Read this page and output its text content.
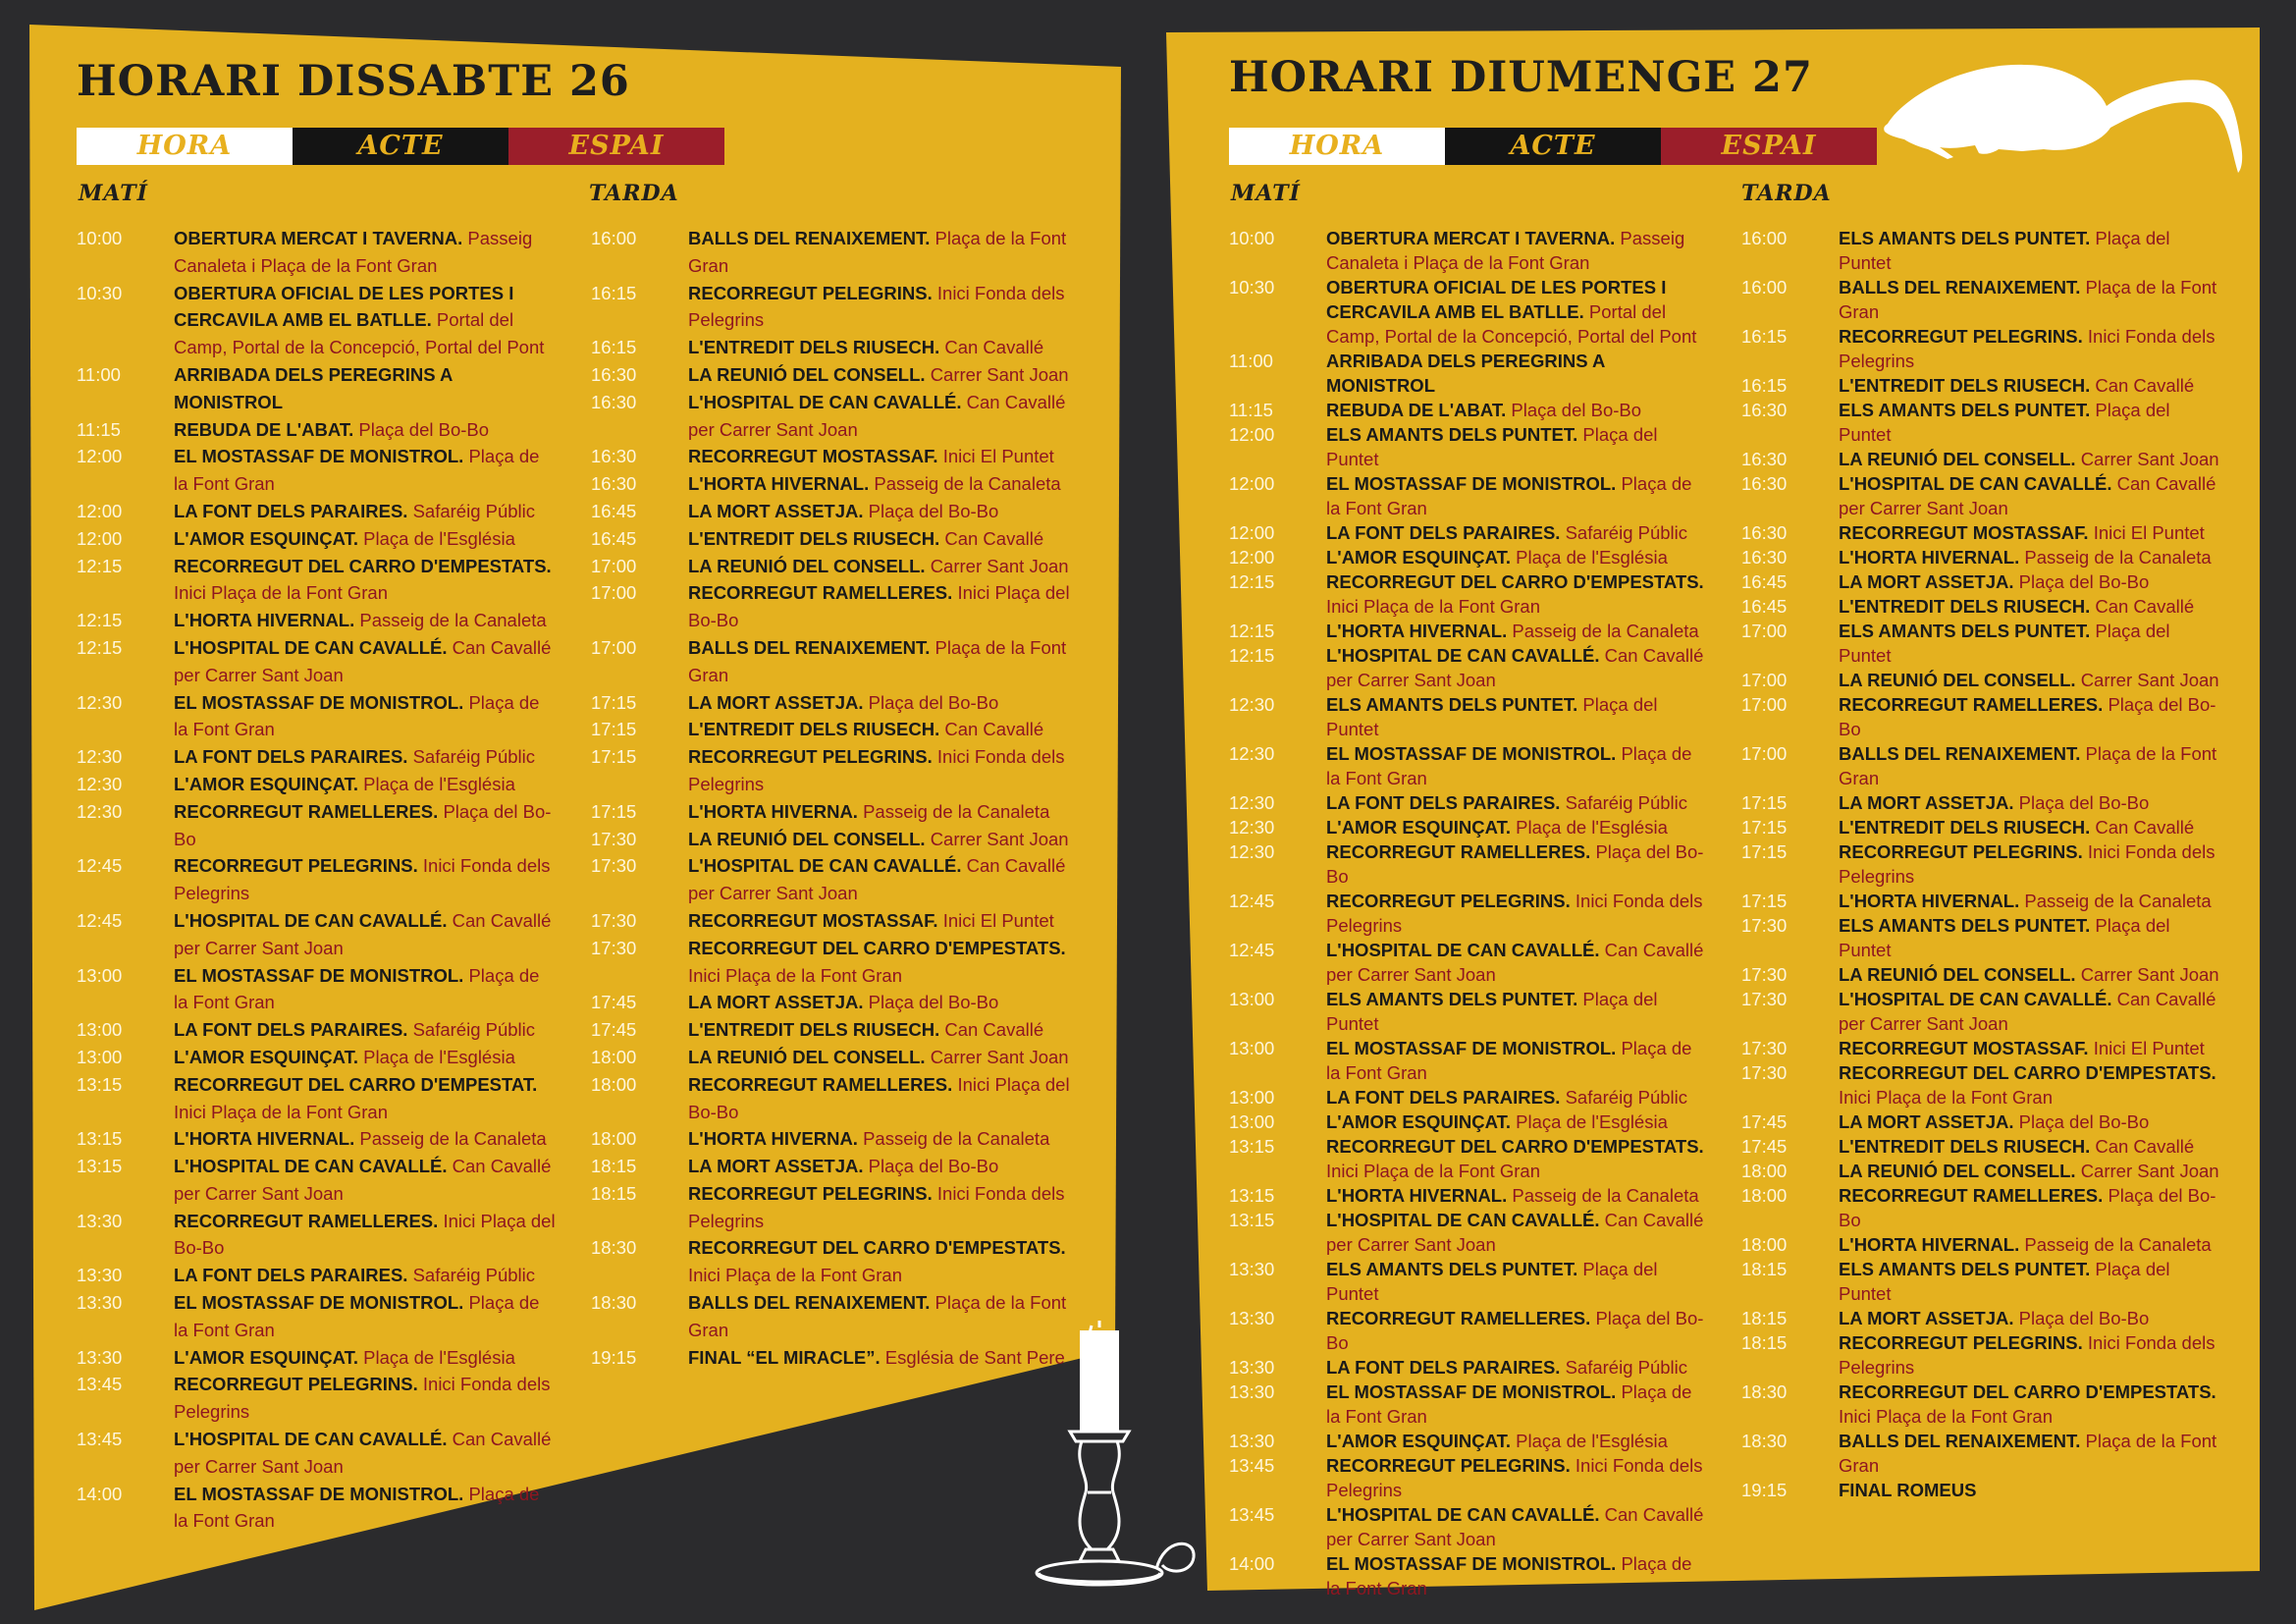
HORARI DISSABTE 26
HORA	ACTE	ESPAI
MATÍ	TARDA
10:00	OBERTURA MERCAT I TAVERNA. Passeig Canaleta i Plaça de la Font Gran
10:30	OBERTURA OFICIAL DE LES PORTES I CERCAVILA AMB EL BATLLE. Portal del Camp, Portal de la Concepció, Portal del Pont
11:00	ARRIBADA DELS PEREGRINS A MONISTROL
11:15	REBUDA DE L'ABAT. Plaça del Bo-Bo
12:00	EL MOSTASSAF DE MONISTROL. Plaça de la Font Gran
12:00	LA FONT DELS PARAIRES. Safaréig Públic
12:00	L'AMOR ESQUINÇAT. Plaça de l'Església
12:15	RECORREGUT DEL CARRO D'EMPESTATS. Inici Plaça de la Font Gran
12:15	L'HORTA HIVERNAL. Passeig de la Canaleta
12:15	L'HOSPITAL DE CAN CAVALLÉ. Can Cavallé per Carrer Sant Joan
12:30	EL MOSTASSAF DE MONISTROL. Plaça de la Font Gran
12:30	LA FONT DELS PARAIRES. Safaréig Públic
12:30	L'AMOR ESQUINÇAT. Plaça de l'Església
12:30	RECORREGUT RAMELLERES. Plaça del Bo-Bo
12:45	RECORREGUT PELEGRINS. Inici Fonda dels Pelegrins
12:45	L'HOSPITAL DE CAN CAVALLÉ. Can Cavallé per Carrer Sant Joan
13:00	EL MOSTASSAF DE MONISTROL. Plaça de la Font Gran
13:00	LA FONT DELS PARAIRES. Safaréig Públic
13:00	L'AMOR ESQUINÇAT. Plaça de l'Església
13:15	RECORREGUT DEL CARRO D'EMPESTAT. Inici Plaça de la Font Gran
13:15	L'HORTA HIVERNAL. Passeig de la Canaleta
13:15	L'HOSPITAL DE CAN CAVALLÉ. Can Cavallé per Carrer Sant Joan
13:30	RECORREGUT RAMELLERES. Inici Plaça del Bo-Bo
13:30	LA FONT DELS PARAIRES. Safaréig Públic
13:30	EL MOSTASSAF DE MONISTROL. Plaça de la Font Gran
13:30	L'AMOR ESQUINÇAT. Plaça de l'Església
13:45	RECORREGUT PELEGRINS. Inici Fonda dels Pelegrins
13:45	L'HOSPITAL DE CAN CAVALLÉ. Can Cavallé per Carrer Sant Joan
14:00	EL MOSTASSAF DE MONISTROL. Plaça de la Font Gran
16:00	BALLS DEL RENAIXEMENT. Plaça de la Font Gran
16:15	RECORREGUT PELEGRINS. Inici Fonda dels Pelegrins
16:15	L'ENTREDIT DELS RIUSECH. Can Cavallé
16:30	LA REUNIÓ DEL CONSELL. Carrer Sant Joan
16:30	L'HOSPITAL DE CAN CAVALLÉ. Can Cavallé per Carrer Sant Joan
16:30	RECORREGUT MOSTASSAF. Inici El Puntet
16:30	L'HORTA HIVERNAL. Passeig de la Canaleta
16:45	LA MORT ASSETJA. Plaça del Bo-Bo
16:45	L'ENTREDIT DELS RIUSECH. Can Cavallé
17:00	LA REUNIÓ DEL CONSELL. Carrer Sant Joan
17:00	RECORREGUT RAMELLERES. Inici Plaça del Bo-Bo
17:00	BALLS DEL RENAIXEMENT. Plaça de la Font Gran
17:15	LA MORT ASSETJA. Plaça del Bo-Bo
17:15	L'ENTREDIT DELS RIUSECH. Can Cavallé
17:15	RECORREGUT PELEGRINS. Inici Fonda dels Pelegrins
17:15	L'HORTA HIVERNA. Passeig de la Canaleta
17:30	LA REUNIÓ DEL CONSELL. Carrer Sant Joan
17:30	L'HOSPITAL DE CAN CAVALLÉ. Can Cavallé per Carrer Sant Joan
17:30	RECORREGUT MOSTASSAF. Inici El Puntet
17:30	RECORREGUT DEL CARRO D'EMPESTATS. Inici Plaça de la Font Gran
17:45	LA MORT ASSETJA. Plaça del Bo-Bo
17:45	L'ENTREDIT DELS RIUSECH. Can Cavallé
18:00	LA REUNIÓ DEL CONSELL. Carrer Sant Joan
18:00	RECORREGUT RAMELLERES. Inici Plaça del Bo-Bo
18:00	L'HORTA HIVERNA. Passeig de la Canaleta
18:15	LA MORT ASSETJA. Plaça del Bo-Bo
18:15	RECORREGUT PELEGRINS. Inici Fonda dels Pelegrins
18:30	RECORREGUT DEL CARRO D'EMPESTATS. Inici Plaça de la Font Gran
18:30	BALLS DEL RENAIXEMENT. Plaça de la Font Gran
19:15	FINAL “EL MIRACLE”. Església de Sant Pere
HORARI DIUMENGE 27
HORA	ACTE	ESPAI
MATÍ	TARDA
10:00	OBERTURA MERCAT I TAVERNA. Passeig Canaleta i Plaça de la Font Gran
10:30	OBERTURA OFICIAL DE LES PORTES I CERCAVILA AMB EL BATLLE. Portal del Camp, Portal de la Concepció, Portal del Pont
11:00	ARRIBADA DELS PEREGRINS A MONISTROL
11:15	REBUDA DE L'ABAT. Plaça del Bo-Bo
12:00	ELS AMANTS DELS PUNTET. Plaça del Puntet
12:00	EL MOSTASSAF DE MONISTROL. Plaça de la Font Gran
12:00	LA FONT DELS PARAIRES. Safaréig Públic
12:00	L'AMOR ESQUINÇAT. Plaça de l'Església
12:15	RECORREGUT DEL CARRO D'EMPESTATS. Inici Plaça de la Font Gran
12:15	L'HORTA HIVERNAL. Passeig de la Canaleta
12:15	L'HOSPITAL DE CAN CAVALLÉ. Can Cavallé per Carrer Sant Joan
12:30	ELS AMANTS DELS PUNTET. Plaça del Puntet
12:30	EL MOSTASSAF DE MONISTROL. Plaça de la Font Gran
12:30	LA FONT DELS PARAIRES. Safaréig Públic
12:30	L'AMOR ESQUINÇAT. Plaça de l'Església
12:30	RECORREGUT RAMELLERES. Plaça del Bo-Bo
12:45	RECORREGUT PELEGRINS. Inici Fonda dels Pelegrins
12:45	L'HOSPITAL DE CAN CAVALLÉ. Can Cavallé per Carrer Sant Joan
13:00	ELS AMANTS DELS PUNTET. Plaça del Puntet
13:00	EL MOSTASSAF DE MONISTROL. Plaça de la Font Gran
13:00	LA FONT DELS PARAIRES. Safaréig Públic
13:00	L'AMOR ESQUINÇAT. Plaça de l'Església
13:15	RECORREGUT DEL CARRO D'EMPESTATS. Inici Plaça de la Font Gran
13:15	L'HORTA HIVERNAL. Passeig de la Canaleta
13:15	L'HOSPITAL DE CAN CAVALLÉ. Can Cavallé per Carrer Sant Joan
13:30	ELS AMANTS DELS PUNTET. Plaça del Puntet
13:30	RECORREGUT RAMELLERES. Plaça del Bo-Bo
13:30	LA FONT DELS PARAIRES. Safaréig Públic
13:30	EL MOSTASSAF DE MONISTROL. Plaça de la Font Gran
13:30	L'AMOR ESQUINÇAT. Plaça de l'Església
13:45	RECORREGUT PELEGRINS. Inici Fonda dels Pelegrins
13:45	L'HOSPITAL DE CAN CAVALLÉ. Can Cavallé per Carrer Sant Joan
14:00	EL MOSTASSAF DE MONISTROL. Plaça de la Font Gran
16:00	ELS AMANTS DELS PUNTET. Plaça del Puntet
16:00	BALLS DEL RENAIXEMENT. Plaça de la Font Gran
16:15	RECORREGUT PELEGRINS. Inici Fonda dels Pelegrins
16:15	L'ENTREDIT DELS RIUSECH. Can Cavallé
16:30	ELS AMANTS DELS PUNTET. Plaça del Puntet
16:30	LA REUNIÓ DEL CONSELL. Carrer Sant Joan
16:30	L'HOSPITAL DE CAN CAVALLÉ. Can Cavallé per Carrer Sant Joan
16:30	RECORREGUT MOSTASSAF. Inici El Puntet
16:30	L'HORTA HIVERNAL. Passeig de la Canaleta
16:45	LA MORT ASSETJA. Plaça del Bo-Bo
16:45	L'ENTREDIT DELS RIUSECH. Can Cavallé
17:00	ELS AMANTS DELS PUNTET. Plaça del Puntet
17:00	LA REUNIÓ DEL CONSELL. Carrer Sant Joan
17:00	RECORREGUT RAMELLERES. Plaça del Bo-Bo
17:00	BALLS DEL RENAIXEMENT. Plaça de la Font Gran
17:15	LA MORT ASSETJA. Plaça del Bo-Bo
17:15	L'ENTREDIT DELS RIUSECH. Can Cavallé
17:15	RECORREGUT PELEGRINS. Inici Fonda dels Pelegrins
17:15	L'HORTA HIVERNAL. Passeig de la Canaleta
17:30	ELS AMANTS DELS PUNTET. Plaça del Puntet
17:30	LA REUNIÓ DEL CONSELL. Carrer Sant Joan
17:30	L'HOSPITAL DE CAN CAVALLÉ. Can Cavallé per Carrer Sant Joan
17:30	RECORREGUT MOSTASSAF. Inici El Puntet
17:30	RECORREGUT DEL CARRO D'EMPESTATS. Inici Plaça de la Font Gran
17:45	LA MORT ASSETJA. Plaça del Bo-Bo
17:45	L'ENTREDIT DELS RIUSECH. Can Cavallé
18:00	LA REUNIÓ DEL CONSELL. Carrer Sant Joan
18:00	RECORREGUT RAMELLERES. Plaça del Bo-Bo
18:00	L'HORTA HIVERNAL. Passeig de la Canaleta
18:15	ELS AMANTS DELS PUNTET. Plaça del Puntet
18:15	LA MORT ASSETJA. Plaça del Bo-Bo
18:15	RECORREGUT PELEGRINS. Inici Fonda dels Pelegrins
18:30	RECORREGUT DEL CARRO D'EMPESTATS. Inici Plaça de la Font Gran
18:30	BALLS DEL RENAIXEMENT. Plaça de la Font Gran
19:15	FINAL ROMEUS
